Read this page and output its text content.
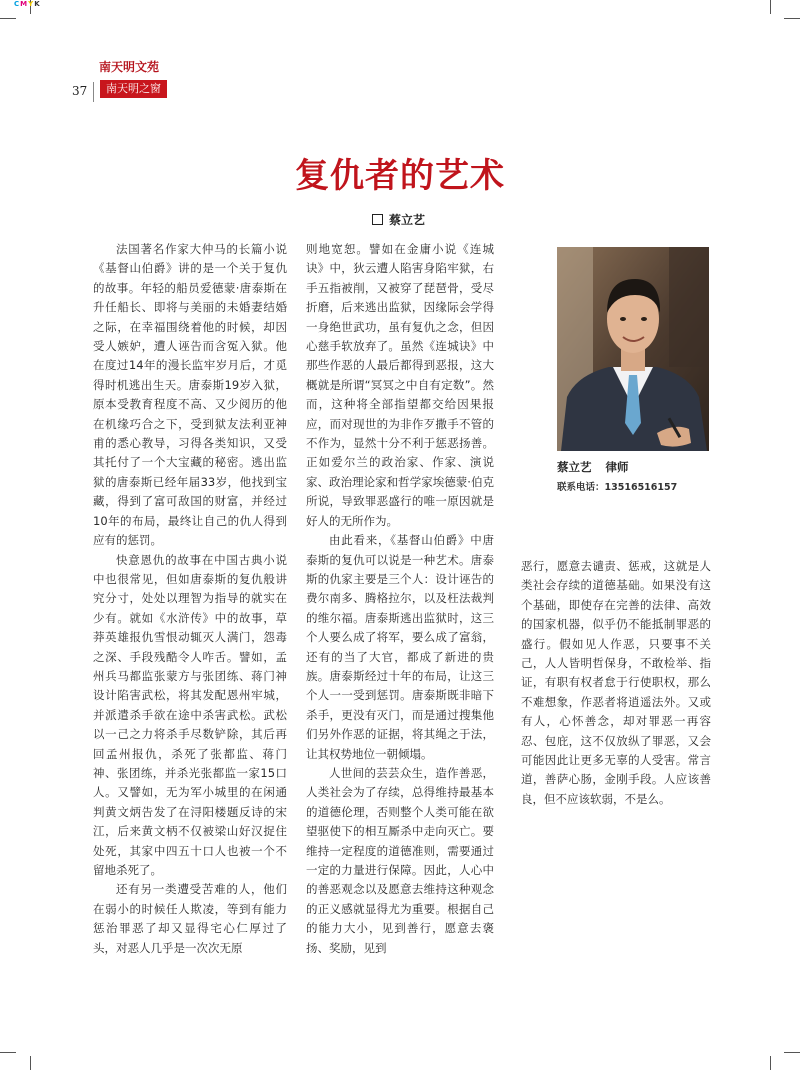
CMYK
南天明文苑
37	南天明之窗
复仇者的艺术
蔡立艺

法国著名作家大仲马的长篇小说《基督山伯爵》讲的是一个关于复仇的故事。年轻的船员爱德蒙·唐泰斯在升任船长、即将与美丽的未婚妻结婚之际，在幸福围绕着他的时候，却因受人嫉妒，遭人诬告而含冤入狱。他在度过14年的漫长监牢岁月后，才觅得时机逃出生天。唐泰斯19岁入狱，原本受教育程度不高、又少阅历的他在机缘巧合之下，受到狱友法利亚神甫的悉心教导，习得各类知识，又受其托付了一个大宝藏的秘密。逃出监狱的唐泰斯已经年届33岁，他找到宝藏，得到了富可敌国的财富，并经过10年的布局，最终让自己的仇人得到应有的惩罚。

快意恩仇的故事在中国古典小说中也很常见，但如唐泰斯的复仇般讲究分寸，处处以理智为指导的就实在少有。就如《水浒传》中的故事，草莽英雄报仇雪恨动辄灭人满门，怨毒之深、手段残酷令人咋舌。譬如，孟州兵马都监张蒙方与张团练、蒋门神设计陷害武松，将其发配恩州牢城，并派遣杀手欲在途中杀害武松。武松以一己之力将杀手尽数铲除，其后再回孟州报仇，杀死了张都监、蒋门神、张团练，并杀光张都监一家15口人。又譬如，无为军小城里的在闲通判黄文炳告发了在浔阳楼题反诗的宋江，后来黄文柄不仅被梁山好汉捉住处死，其家中四五十口人也被一个不留地杀死了。

还有另一类遭受苦难的人，他们在弱小的时候任人欺凌，等到有能力惩治罪恶了却又显得宅心仁厚过了头，对恶人几乎是一次次无原

则地宽恕。譬如在金庸小说《连城诀》中，狄云遭人陷害身陷牢狱，右手五指被削，又被穿了琵琶骨，受尽折磨，后来逃出监狱，因缘际会学得一身绝世武功，虽有复仇之念，但因心慈手软放弃了。虽然《连城诀》中那些作恶的人最后都得到恶报，这大概就是所谓“冥冥之中自有定数”。然而，这种将全部指望都交给因果报应，而对现世的为非作歹撒手不管的不作为，显然十分不利于惩恶扬善。正如爱尔兰的政治家、作家、演说家、政治理论家和哲学家埃德蒙·伯克所说，导致罪恶盛行的唯一原因就是好人的无所作为。

由此看来，《基督山伯爵》中唐泰斯的复仇可以说是一种艺术。唐泰斯的仇家主要是三个人：设计诬告的费尔南多、腾格拉尔，以及枉法裁判的维尔福。唐泰斯逃出监狱时，这三个人要么成了将军，要么成了富翁，还有的当了大官，都成了新进的贵族。唐泰斯经过十年的布局，让这三个人一一受到惩罚。唐泰斯既非暗下杀手，更没有灭门，而是通过搜集他们另外作恶的证据，将其绳之于法，让其权势地位一朝倾塌。

人世间的芸芸众生，造作善恶，人类社会为了存续，总得维持最基本的道德伦理，否则整个人类可能在欲望驱使下的相互厮杀中走向灭亡。要维持一定程度的道德准则，需要通过一定的力量进行保障。因此，人心中的善恶观念以及愿意去维持这种观念的正义感就显得尤为重要。根据自己的能力大小，见到善行，愿意去褒扬、奖励，见到

恶行，愿意去谴责、惩戒，这就是人类社会存续的道德基础。如果没有这个基础，即使存在完善的法律、高效的国家机器，似乎仍不能抵制罪恶的盛行。假如见人作恶，只要事不关己，人人皆明哲保身，不敢检举、指证，有职有权者怠于行使职权，那么不难想象，作恶者将逍遥法外。又或有人，心怀善念，却对罪恶一再容忍、包庇，这不仅放纵了罪恶，又会可能因此让更多无辜的人受害。常言道，善萨心肠，金刚手段。人应该善良，但不应该软弱，不是么。

蔡立艺 律师
联系电话：13516516157
